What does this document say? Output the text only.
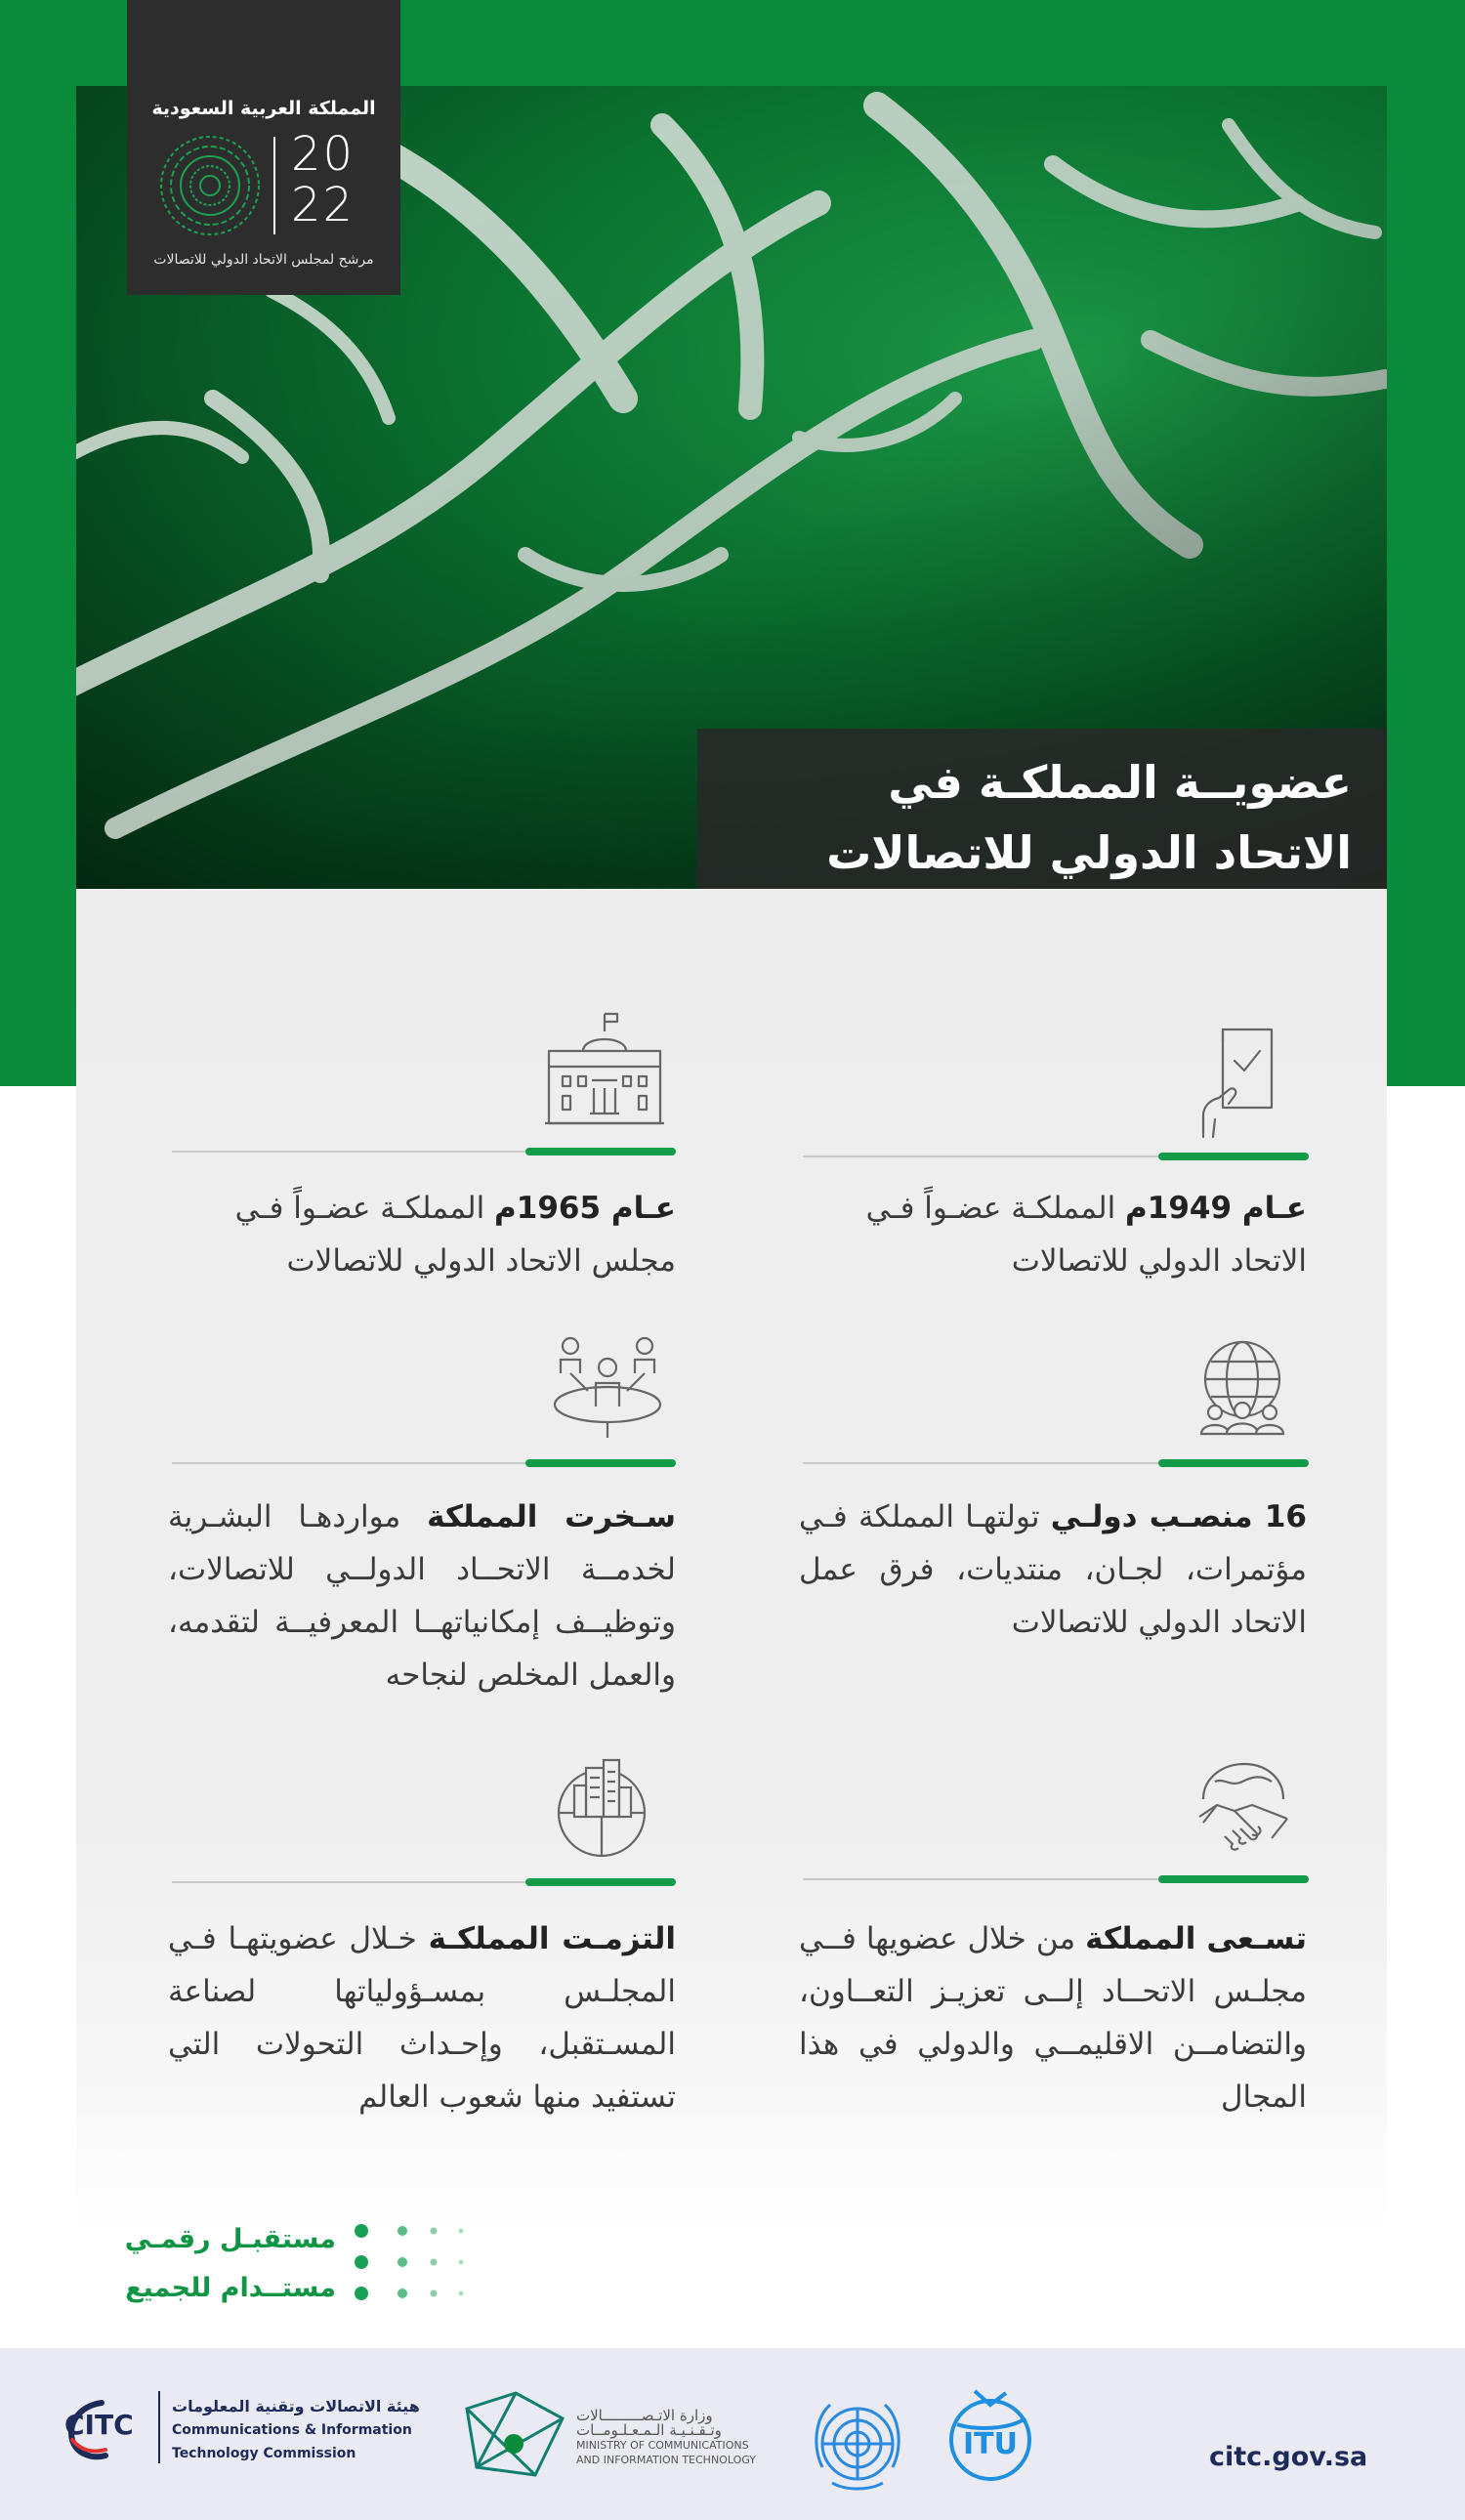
المملكة العربية السعودية
20
22
مرشح لمجلس الاتحاد الدولي للاتصالات
عضويــة المملكـة في
الاتحاد الدولي للاتصالات
عـام 1949م المملكـة عضـواً فـي
الاتحاد الدولي للاتصالات
عـام 1965م المملكـة عضـواً فـي
مجلس الاتحاد الدولي للاتصالات
16 منصـب دولـي تولتهـا المملكة فـي مؤتمرات، لجـان، منتديات، فرق عمل الاتحاد الدولي للاتصالات
سـخرت المملكة مواردهـا البشـرية لخدمــة الاتحــاد الدولــي للاتصالات، وتوظيــف إمكانياتهــا المعرفيــة لتقدمه، والعمل المخلص لنجاحه
تسـعى المملكة من خلال عضويها فــي مجلـس الاتحــاد إلــى تعزيـز التعــاون، والتضامــن الاقليمــي والدولي في هذا المجال
التزمـت المملكـة خـلال عضويتهـا فـي المجلـس بمسـؤولياتها لصناعة المسـتقبل، وإحـداث التحولات التي تستفيد منها شعوب العالم
مستقبـل رقمـي
مستــدام للجميع
CITC
هيئة الاتصالات وتقنية المعلومات
Communications & Information
Technology Commission
وزارة الاتـصـــــــــالات
وتـقـنـيـة الـمـعـلـومــات
MINISTRY OF COMMUNICATIONS
AND INFORMATION TECHNOLOGY	ITU	citc.gov.sa
